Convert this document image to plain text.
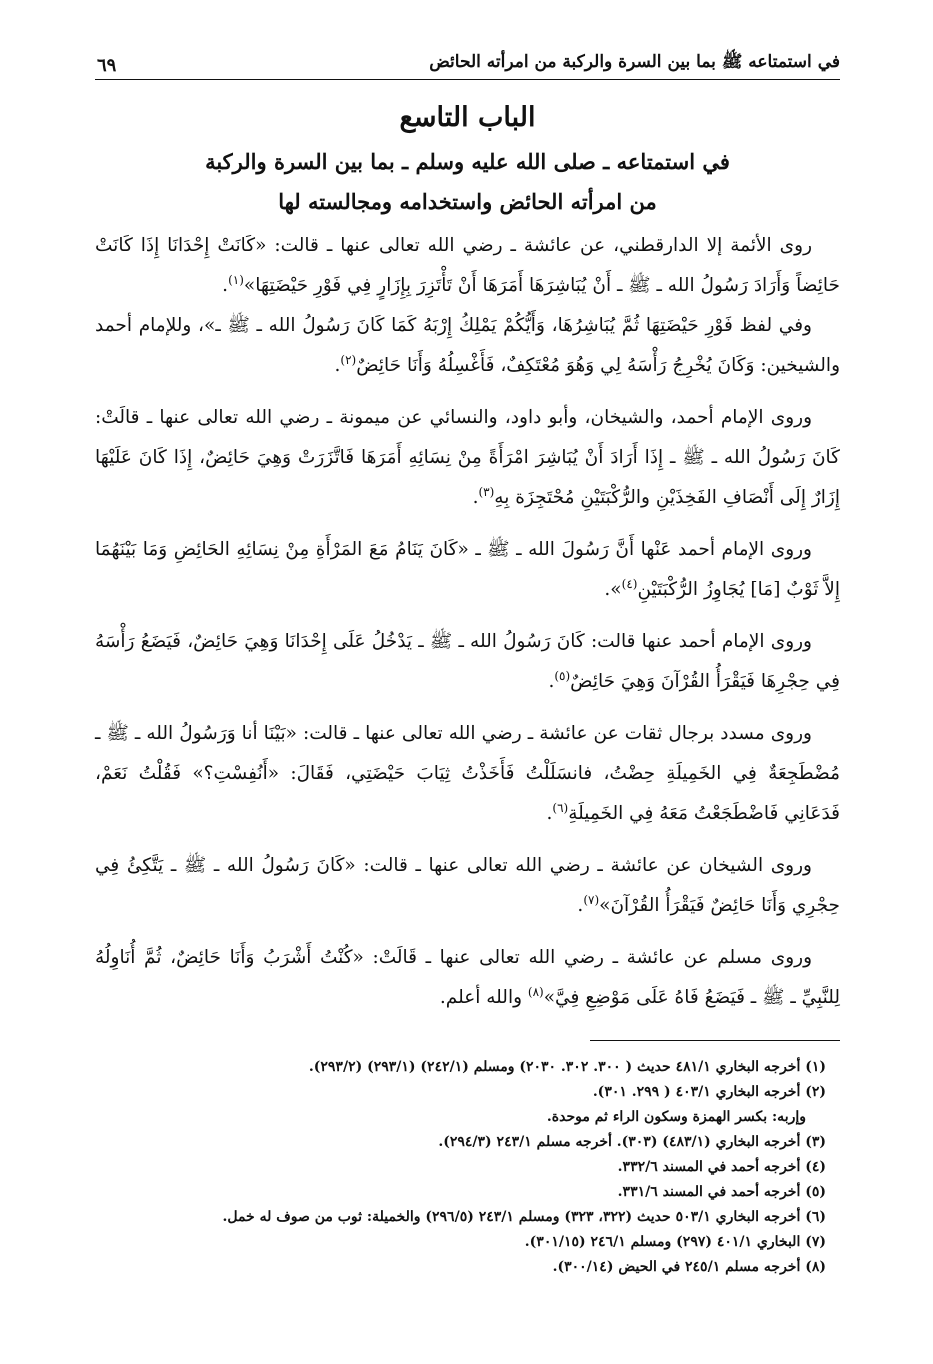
في استمتاعه ﷺ بما بين السرة والركبة من امرأته الحائض
٦٩
الباب التاسع
في استمتاعه ـ صلى الله عليه وسلم ـ بما بين السرة والركبة
من امرأته الحائض واستخدامه ومجالسته لها

روى الأئمة إلا الدارقطني، عن عائشة ـ رضي الله تعالى عنها ـ قالت: «كَانَتْ إِحْدَانَا إِذَا كَانَتْ حَائِضاً وَأَرَادَ رَسُولُ الله ـ ﷺ ـ أَنْ يُبَاشِرَهَا أَمَرَهَا أَنْ تَأْتَزِرَ بِإِزَارٍ فِي فَوْرِ حَيْضَتِهَا»$^{(١)}$.

وفي لفظ فَوْرِ حَيْضَتِهَا ثُمَّ يُبَاشِرُهَا، وَأَيُّكُمْ يَمْلِكُ إِرْبَهُ كَمَا كَانَ رَسُولُ الله ـ ﷺ ـ»، وللإمام أحمد والشيخين: وَكَانَ يُخْرِجُ رَأْسَهُ لِي وَهُوَ مُعْتَكِفٌ، فَأَغْسِلُهُ وَأَنَا حَائِضٌ$^{(٢)}$.

وروى الإمام أحمد، والشيخان، وأبو داود، والنسائي عن ميمونة ـ رضي الله تعالى عنها ـ قالَتْ: كَانَ رَسُولُ الله ـ ﷺ ـ إِذَا أَرَادَ أَنْ يُبَاشِرَ امْرَأَةً مِنْ نِسَائِهِ أَمَرَهَا فَاتَّزَرَتْ وَهِيَ حَائِضٌ، إِذَا كَانَ عَلَيْهَا إِزَارٌ إِلَى أَنْصَافِ الفَخِذَيْنِ والرُّكْبَتَيْنِ مُحْتَجِزَة بِهِ$^{(٣)}$.

وروى الإمام أحمد عَنْها أَنَّ رَسُولَ الله ـ ﷺ ـ «كَانَ يَنَامُ مَعَ المَرْأَةِ مِنْ نِسَائِهِ الحَائِضِ وَمَا بَيْنَهُمَا إِلاَّ ثَوْبٌ [مَا] يُجَاوِزُ الرُّكْبَتَيْنِ$^{(٤)}$».

وروى الإمام أحمد عنها قالت: كَانَ رَسُولُ الله ـ ﷺ ـ يَدْخُلُ عَلَى إِحْدَانَا وَهِيَ حَائِضٌ، فَيَضَعُ رَأْسَهُ فِي حِجْرِهَا فَيَقْرَأُ القُرْآنَ وَهِيَ حَائِضٌ$^{(٥)}$.

وروى مسدد برجال ثقات عن عائشة ـ رضي الله تعالى عنها ـ قالت: «بَيْنَا أنا وَرَسُولُ الله ـ ﷺ ـ مُضْطَجِعَةٌ فِي الخَمِيلَةِ حِضْتُ، فانسَلَلْتُ فَأَخَذْتُ ثِيَابَ حَيْضَتِي، فَقَالَ: «أَنُفِسْتِ؟» فَقُلْتُ نَعَمْ، فَدَعَانِي فَاضْطَجَعْتُ مَعَهُ فِي الخَمِيلَةِ$^{(٦)}$.

وروى الشيخان عن عائشة ـ رضي الله تعالى عنها ـ قالت: «كَانَ رَسُولُ الله ـ ﷺ ـ يَتَّكِئُ فِي حِجْرِي وَأَنَا حَائِضٌ فَيَقْرَأُ القُرْآنَ»$^{(٧)}$.

وروى مسلم عن عائشة ـ رضي الله تعالى عنها ـ قَالَتْ: «كُنْتُ أَشْرَبُ وَأَنَا حَائِضٌ، ثُمَّ أُنَاوِلُهُ لِلنَّبِيِّ ـ ﷺ ـ فَيَضَعُ فَاهُ عَلَى مَوْضِعِ فِيَّ»$^{(٨)}$ والله أعلم.

(١) أخرجه البخاري ٤٨١/١ حديث ( ٣٠٠. ٣٠٢. ٢٠٣٠) ومسلم (٢٤٢/١) (٢٩٣/١) (٢٩٣/٢).

(٢) أخرجه البخاري ٤٠٣/١ ( ٢٩٩. ٣٠١).

وإربه: بكسر الهمزة وسكون الراء ثم موحدة.

(٣) أخرجه البخاري (٤٨٣/١) (٣٠٣). أخرجه مسلم ٢٤٣/١ (٢٩٤/٣).

(٤) أخرجه أحمد في المسند ٣٣٢/٦.

(٥) أخرجه أحمد في المسند ٣٣١/٦.

(٦) أخرجه البخاري ٥٠٣/١ حديث (٣٢٢، ٣٢٣) ومسلم ٢٤٣/١ (٢٩٦/٥) والخميلة: ثوب من صوف له خمل.

(٧) البخاري ٤٠١/١ (٢٩٧) ومسلم ٢٤٦/١ (٣٠١/١٥).

(٨) أخرجه مسلم ٢٤٥/١ في الحيض (٣٠٠/١٤).
